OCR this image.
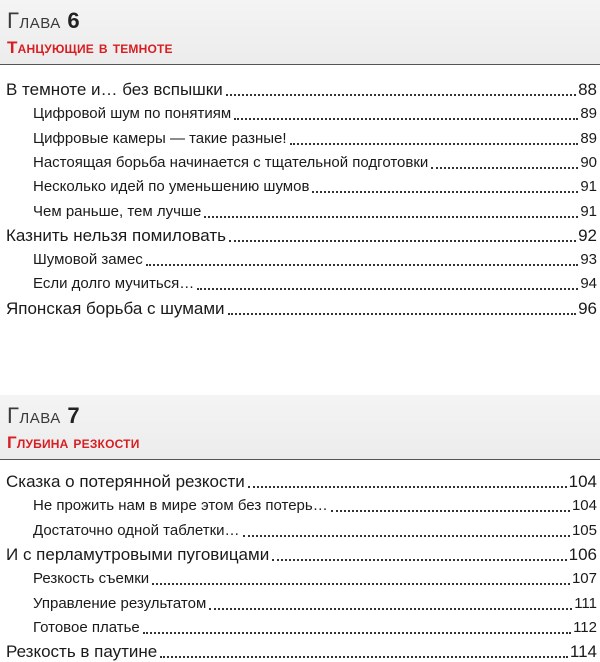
Глава 6
Танцующие в темноте
В темноте и… без вспышки	88
Цифровой шум по понятиям	89
Цифровые камеры — такие разные!	89
Настоящая борьба начинается с тщательной подготовки	90
Несколько идей по уменьшению шумов	91
Чем раньше, тем лучше	91
Казнить нельзя помиловать	92
Шумовой замес	93
Если долго мучиться…	94
Японская борьба с шумами	96
Глава 7
Глубина резкости
Сказка о потерянной резкости	104
Не прожить нам в мире этом без потерь…	104
Достаточно одной таблетки…	105
И с перламутровыми пуговицами	106
Резкость съемки	107
Управление результатом	111
Готовое платье	112
Резкость в паутине	114
